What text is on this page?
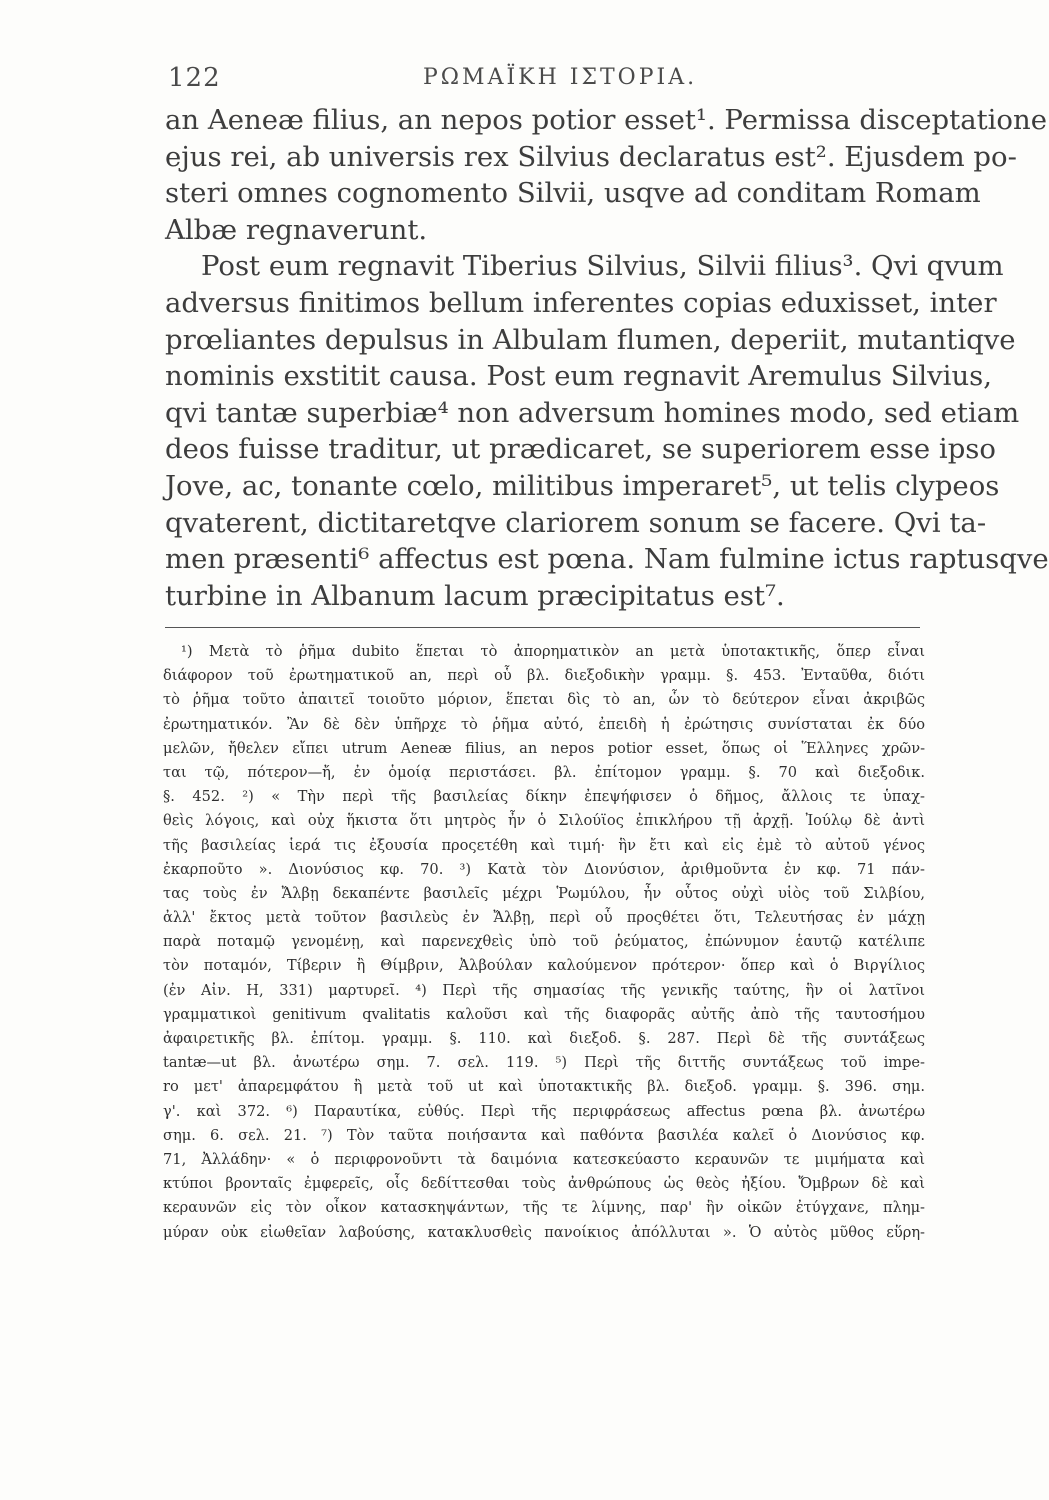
122	ΡΩΜΑΪΚΗ ΙΣΤΟΡΙΑ.
an Aeneæ filius, an nepos potior esset¹. Permissa disceptatione
ejus rei, ab universis rex Silvius declaratus est². Ejusdem po-
steri omnes cognomento Silvii, usqve ad conditam Romam
Albæ regnaverunt.
Post eum regnavit Tiberius Silvius, Silvii filius³. Qvi qvum
adversus finitimos bellum inferentes copias eduxisset, inter
prœliantes depulsus in Albulam flumen, deperiit, mutantiqve
nominis exstitit causa. Post eum regnavit Aremulus Silvius,
qvi tantæ superbiæ⁴ non adversum homines modo, sed etiam
deos fuisse traditur, ut prædicaret, se superiorem esse ipso
Jove, ac, tonante cœlo, militibus imperaret⁵, ut telis clypeos
qvaterent, dictitaretqve clariorem sonum se facere. Qvi ta-
men præsenti⁶ affectus est pœna. Nam fulmine ictus raptusqve
turbine in Albanum lacum præcipitatus est⁷.
¹) Μετὰ τὸ ῥῆμα dubito ἕπεται τὸ ἀπορηματικὸν an μετὰ ὑποτακτικῆς, ὅπερ εἶναι
διάφορον τοῦ ἐρωτηματικοῦ an, περὶ οὗ βλ. διεξοδικὴν γραμμ. §. 453. Ἐνταῦθα, διότι
τὸ ῥῆμα τοῦτο ἀπαιτεῖ τοιοῦτο μόριον, ἕπεται δὶς τὸ an, ὧν τὸ δεύτερον εἶναι ἀκριβῶς
ἐρωτηματικόν. Ἂν δὲ δὲν ὑπῆρχε τὸ ῥῆμα αὐτό, ἐπειδὴ ἡ ἐρώτησις συνίσταται ἐκ δύο
μελῶν, ἤθελεν εἴπει utrum Aeneæ filius, an nepos potior esset, ὅπως οἱ Ἕλληνες χρῶν-
ται τῷ, πότερον—ἤ, ἐν ὁμοίᾳ περιστάσει. βλ. ἐπίτομον γραμμ. §. 70 καὶ διεξοδικ.
§. 452. ²) « Τὴν περὶ τῆς βασιλείας δίκην ἐπεψήφισεν ὁ δῆμος, ἄλλοις τε ὑπαχ-
θεὶς λόγοις, καὶ οὐχ ἥκιστα ὅτι μητρὸς ἦν ὁ Σιλούϊος ἐπικλήρου τῇ ἀρχῇ. Ἰούλῳ δὲ ἀντὶ
τῆς βασιλείας ἱερά τις ἐξουσία προςετέθη καὶ τιμή· ἣν ἔτι καὶ εἰς ἐμὲ τὸ αὐτοῦ γένος
ἐκαρποῦτο ». Διονύσιος κφ. 70. ³) Κατὰ τὸν Διονύσιον, ἀριθμοῦντα ἐν κφ. 71 πάν-
τας τοὺς ἐν Ἄλβῃ δεκαπέντε βασιλεῖς μέχρι Ῥωμύλου, ἦν οὗτος οὐχὶ υἱὸς τοῦ Σιλβίου,
ἀλλ' ἔκτος μετὰ τοῦτον βασιλεὺς ἐν Ἄλβῃ, περὶ οὗ προςθέτει ὅτι, Τελευτήσας ἐν μάχῃ
παρὰ ποταμῷ γενομένῃ, καὶ παρενεχθεὶς ὑπὸ τοῦ ῥεύματος, ἐπώνυμον ἑαυτῷ κατέλιπε
τὸν ποταμόν, Τίβεριν ἢ Θίμβριν, Ἀλβούλαν καλούμενον πρότερον· ὅπερ καὶ ὁ Βιργίλιος
(ἐν Αἰν. Η, 331) μαρτυρεῖ. ⁴) Περὶ τῆς σημασίας τῆς γενικῆς ταύτης, ἣν οἱ λατῖνοι
γραμματικοὶ genitivum qvalitatis καλοῦσι καὶ τῆς διαφορᾶς αὐτῆς ἀπὸ τῆς ταυτοσήμου
ἀφαιρετικῆς βλ. ἐπίτομ. γραμμ. §. 110. καὶ διεξοδ. §. 287. Περὶ δὲ τῆς συντάξεως
tantæ—ut βλ. ἀνωτέρω σημ. 7. σελ. 119. ⁵) Περὶ τῆς διττῆς συντάξεως τοῦ impe-
ro μετ' ἀπαρεμφάτου ἢ μετὰ τοῦ ut καὶ ὑποτακτικῆς βλ. διεξοδ. γραμμ. §. 396. σημ.
γ'. καὶ 372. ⁶) Παραυτίκα, εὐθύς. Περὶ τῆς περιφράσεως affectus pœna βλ. ἀνωτέρω
σημ. 6. σελ. 21. ⁷) Τὸν ταῦτα ποιήσαντα καὶ παθόντα βασιλέα καλεῖ ὁ Διονύσιος κφ.
71, Ἀλλάδην· « ὁ περιφρονοῦντι τὰ δαιμόνια κατεσκεύαστο κεραυνῶν τε μιμήματα καὶ
κτύποι βρονταῖς ἐμφερεῖς, οἷς δεδίττεσθαι τοὺς ἀνθρώπους ὡς θεὸς ἠξίου. Ὄμβρων δὲ καὶ
κεραυνῶν εἰς τὸν οἶκον κατασκηψάντων, τῆς τε λίμνης, παρ' ἣν οἰκῶν ἐτύγχανε, πλημ-
μύραν οὐκ εἰωθεῖαν λαβούσης, κατακλυσθεὶς πανοίκιος ἀπόλλυται ». Ὁ αὐτὸς μῦθος εὕρη-
